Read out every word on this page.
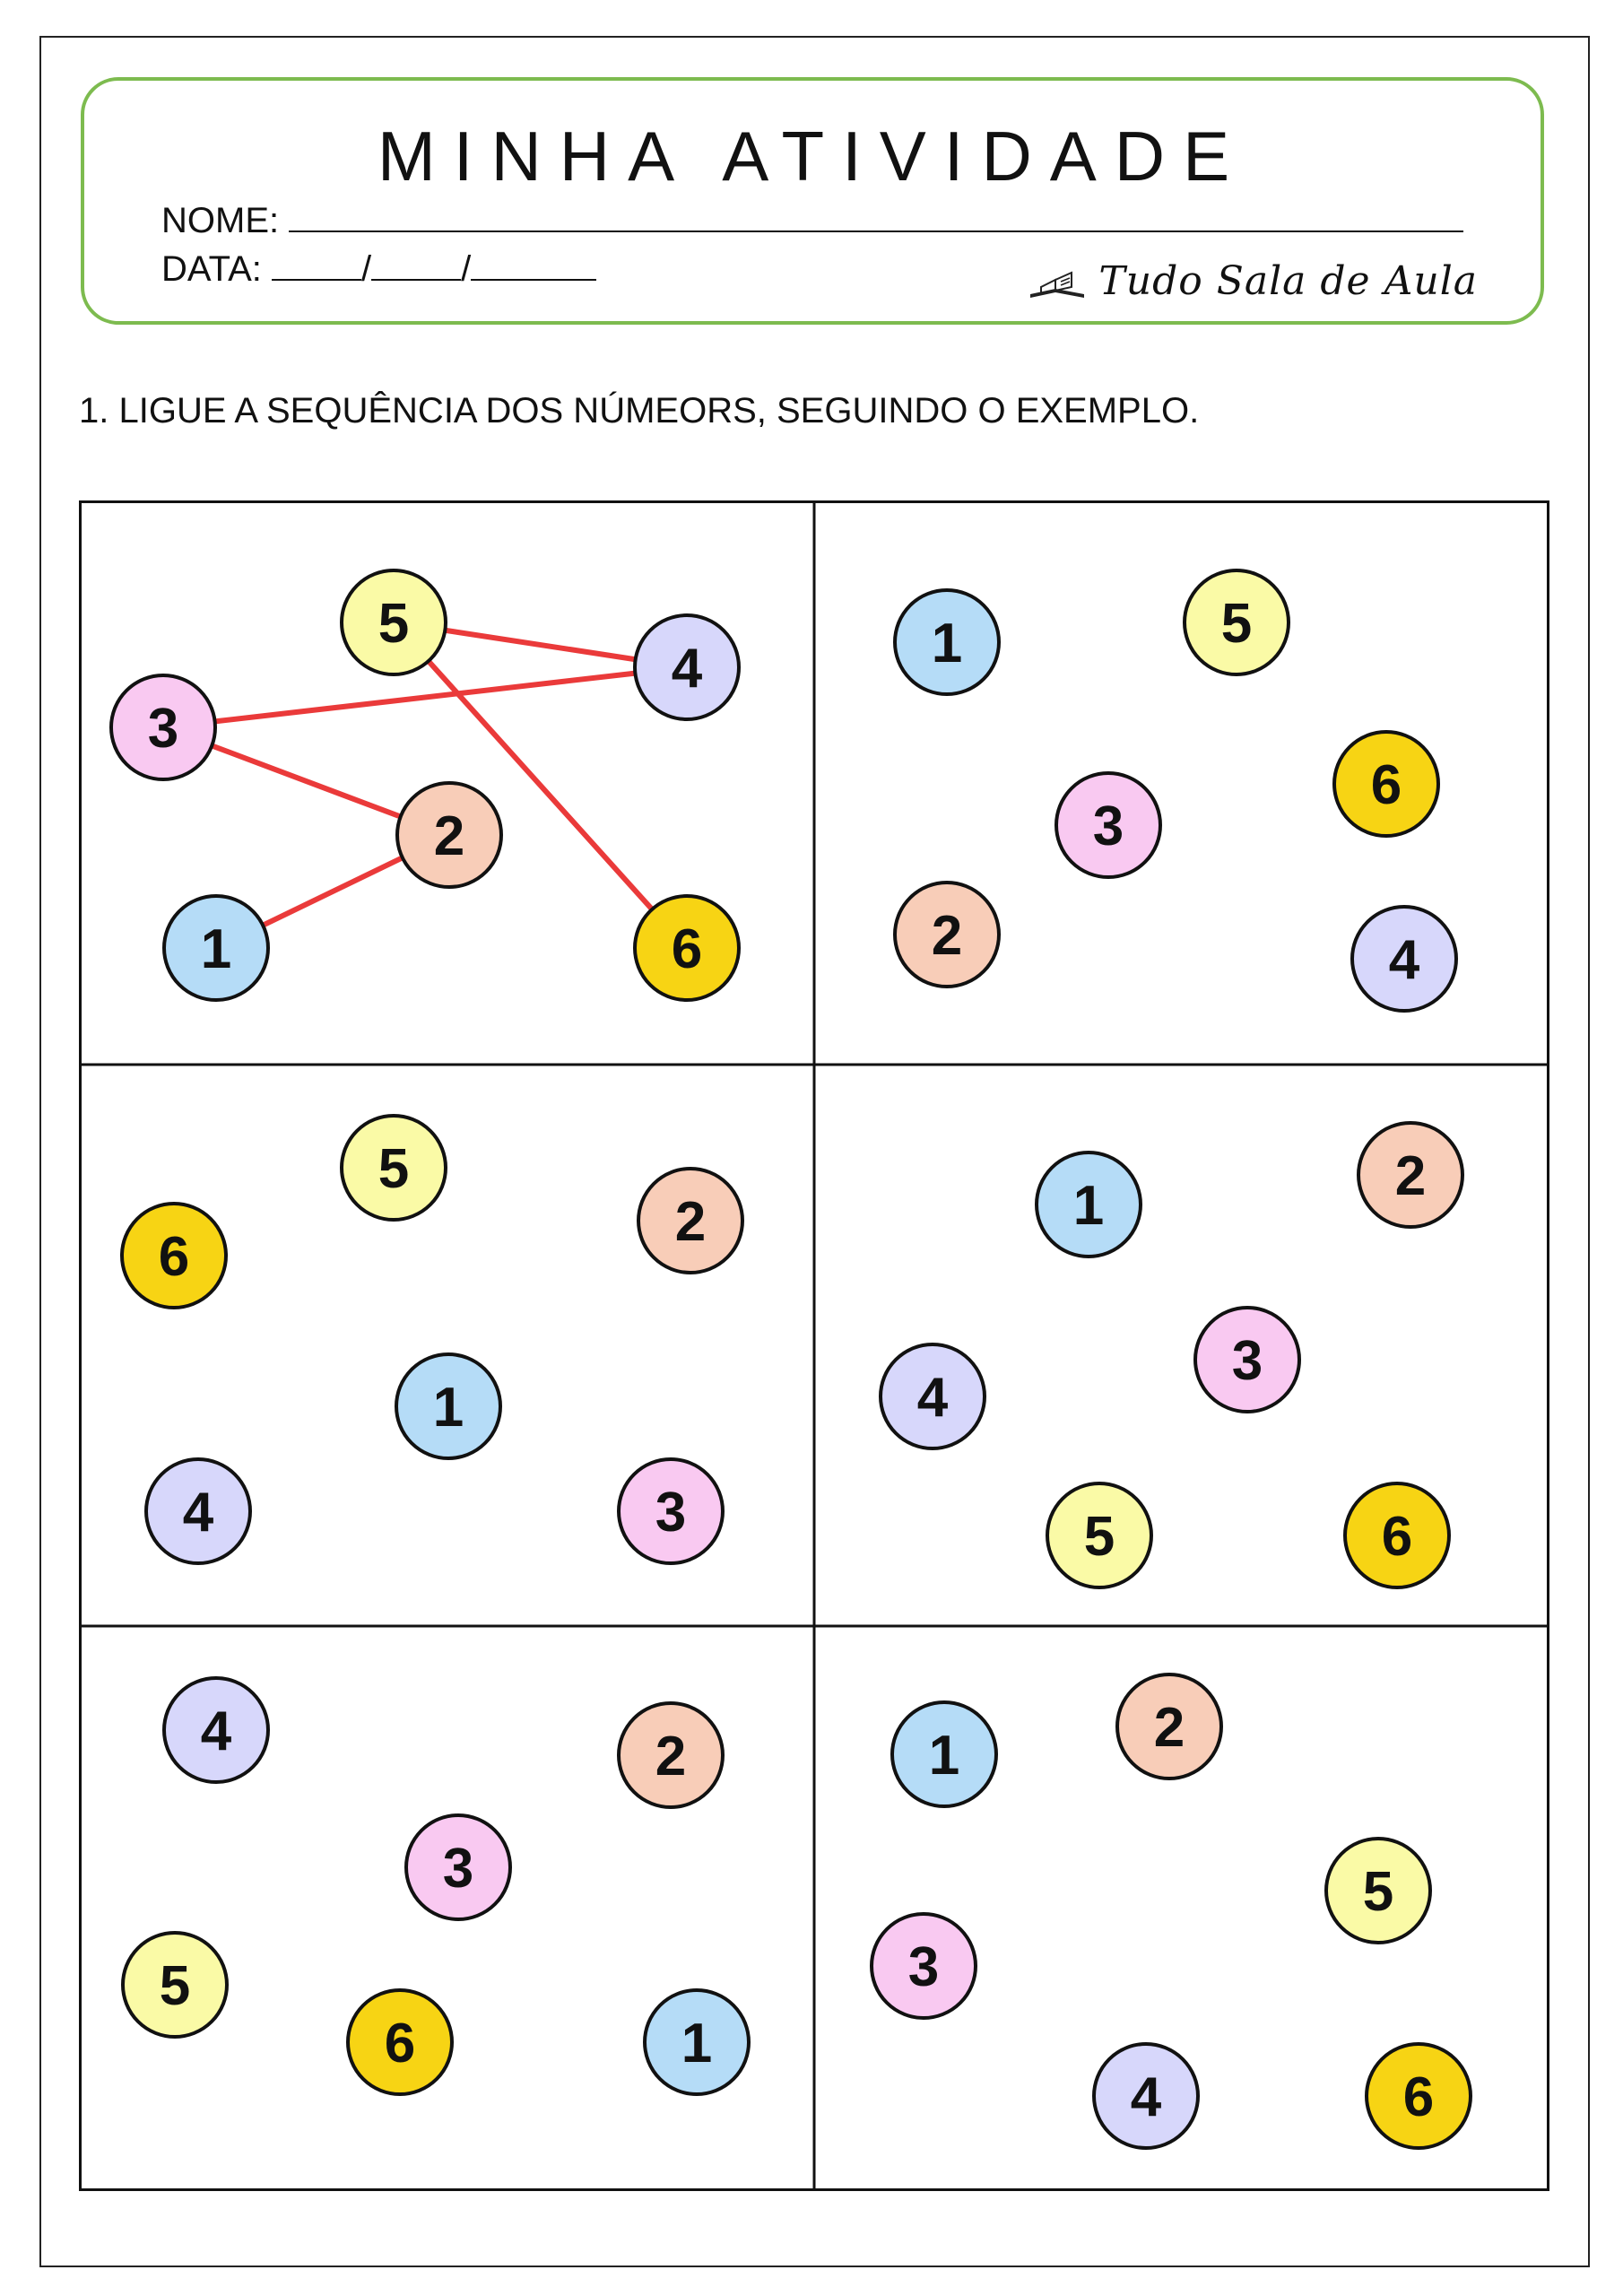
MINHA ATIVIDADE
NOME:
DATA:	/	/	Tudo Sala de Aula

1. LIGUE A SEQUÊNCIA DOS NÚMEORS, SEGUINDO O EXEMPLO.

1
2
3
4
5
6
1	5
6
3
2	4
5
2
6
1
4	3
2
1
3
4
5	6
4	2
3
5
6	1
2
1
5
3
4	6
